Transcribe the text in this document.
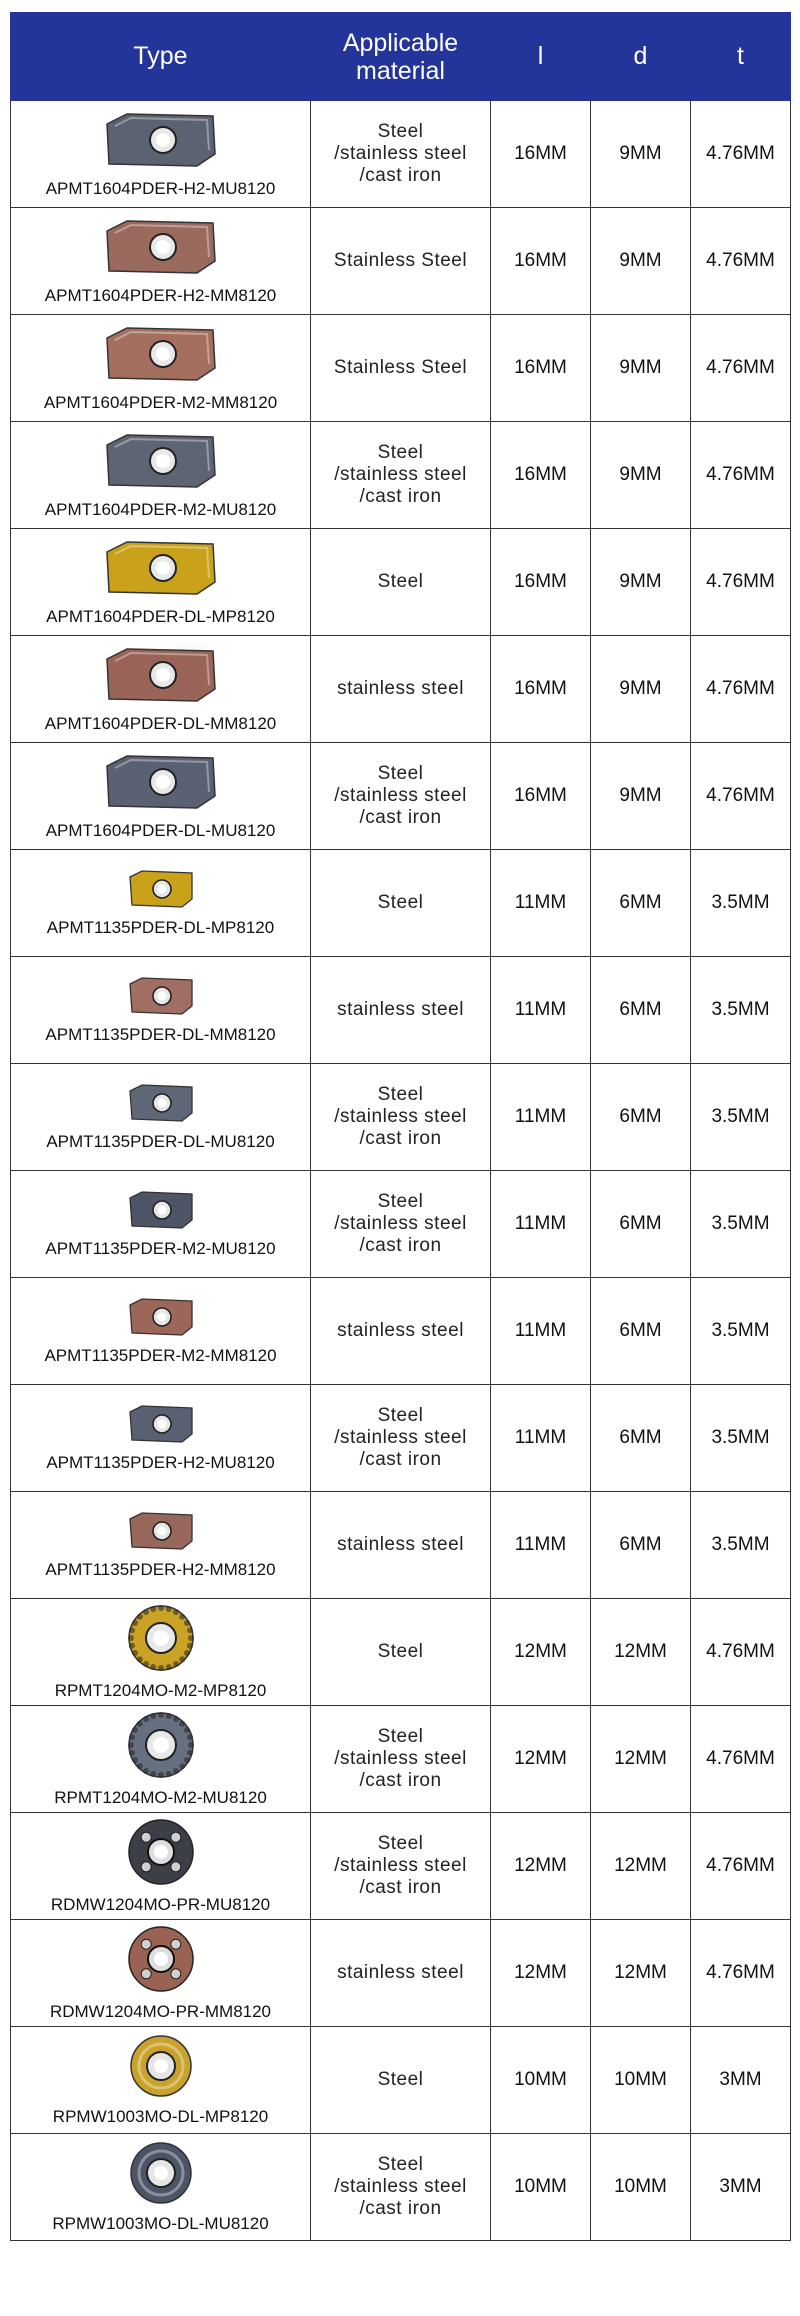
Type	Applicable
material	l	d	t

APMT1604PDER-H2-MU8120	Steel
/stainless steel
/cast iron	16MM	9MM	4.76MM

APMT1604PDER-H2-MM8120	Stainless Steel	16MM	9MM	4.76MM

APMT1604PDER-M2-MM8120	Stainless Steel	16MM	9MM	4.76MM

APMT1604PDER-M2-MU8120	Steel
/stainless steel
/cast iron	16MM	9MM	4.76MM

APMT1604PDER-DL-MP8120	Steel	16MM	9MM	4.76MM

APMT1604PDER-DL-MM8120	stainless steel	16MM	9MM	4.76MM

APMT1604PDER-DL-MU8120	Steel
/stainless steel
/cast iron	16MM	9MM	4.76MM

APMT1135PDER-DL-MP8120	Steel	11MM	6MM	3.5MM

APMT1135PDER-DL-MM8120	stainless steel	11MM	6MM	3.5MM

APMT1135PDER-DL-MU8120	Steel
/stainless steel
/cast iron	11MM	6MM	3.5MM

APMT1135PDER-M2-MU8120	Steel
/stainless steel
/cast iron	11MM	6MM	3.5MM

APMT1135PDER-M2-MM8120	stainless steel	11MM	6MM	3.5MM

APMT1135PDER-H2-MU8120	Steel
/stainless steel
/cast iron	11MM	6MM	3.5MM

APMT1135PDER-H2-MM8120	stainless steel	11MM	6MM	3.5MM

RPMT1204MO-M2-MP8120	Steel	12MM	12MM	4.76MM

RPMT1204MO-M2-MU8120	Steel
/stainless steel
/cast iron	12MM	12MM	4.76MM

RDMW1204MO-PR-MU8120	Steel
/stainless steel
/cast iron	12MM	12MM	4.76MM

RDMW1204MO-PR-MM8120	stainless steel	12MM	12MM	4.76MM

RPMW1003MO-DL-MP8120	Steel	10MM	10MM	3MM

RPMW1003MO-DL-MU8120	Steel
/stainless steel
/cast iron	10MM	10MM	3MM
